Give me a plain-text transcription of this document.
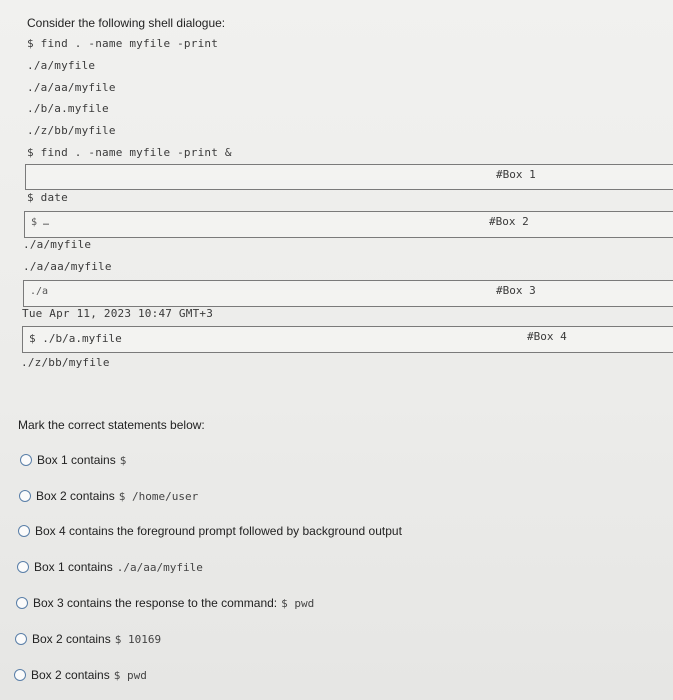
Consider the following shell dialogue:
$ find . -name myfile -print
./a/myfile
./a/aa/myfile
./b/a.myfile
./z/bb/myfile
$ find . -name myfile -print &
#Box 1
$ date
$ …	#Box 2
./a/myfile
./a/aa/myfile
./a	#Box 3
Tue Apr 11, 2023 10:47 GMT+3
$ ./b/a.myfile	#Box 4
./z/bb/myfile
Mark the correct statements below:
Box 1 contains $
Box 2 contains $ /home/user
Box 4 contains the foreground prompt followed by background output
Box 1 contains ./a/aa/myfile
Box 3 contains the response to the command: $ pwd
Box 2 contains $ 10169
Box 2 contains $ pwd
